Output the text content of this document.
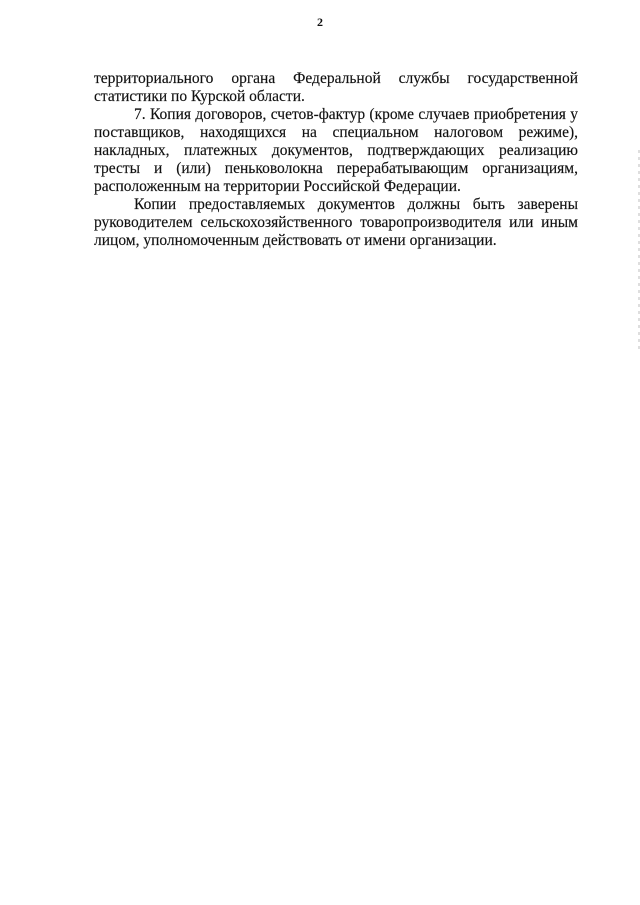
2

территориального органа Федеральной службы государственной статистики по Курской области.

7. Копия договоров, счетов-фактур (кроме случаев приобретения у поставщиков, находящихся на специальном налоговом режиме), накладных, платежных документов, подтверждающих реализацию тресты и (или) пеньковолокна перерабатывающим организациям, расположенным на территории Российской Федерации.

Копии предоставляемых документов должны быть заверены руководителем сельскохозяйственного товаропроизводителя или иным лицом, уполномоченным действовать от имени организации.
